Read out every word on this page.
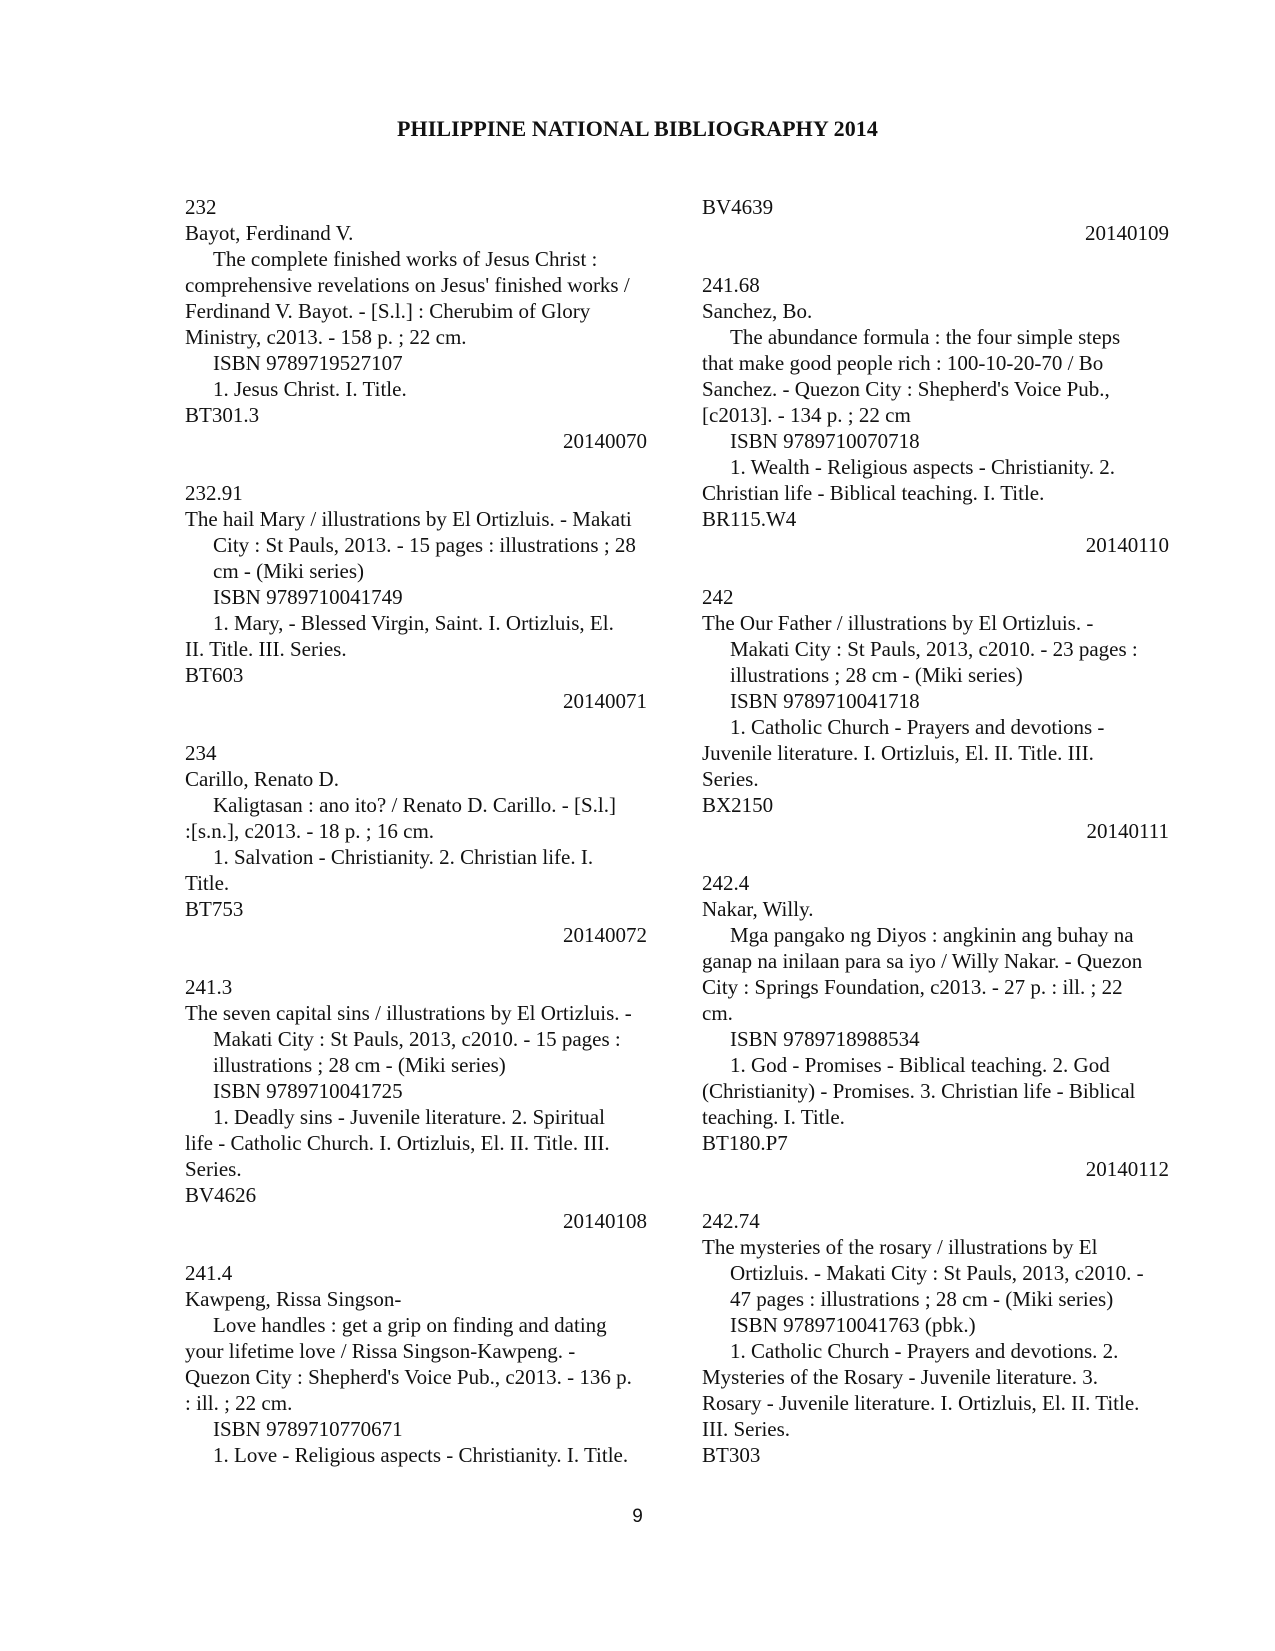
PHILIPPINE NATIONAL BIBLIOGRAPHY 2014
232
Bayot, Ferdinand V.
The complete finished works of Jesus Christ :
comprehensive revelations on Jesus' finished works /
Ferdinand V. Bayot. - [S.l.] : Cherubim of Glory
Ministry, c2013. - 158 p. ; 22 cm.
ISBN 9789719527107
1. Jesus Christ. I. Title.
BT301.3
20140070
232.91
The hail Mary / illustrations by El Ortizluis. - Makati
City : St Pauls, 2013. - 15 pages : illustrations ; 28
cm - (Miki series)
ISBN 9789710041749
1. Mary, - Blessed Virgin, Saint. I. Ortizluis, El.
II. Title. III. Series.
BT603
20140071
234
Carillo, Renato D.
Kaligtasan : ano ito? / Renato D. Carillo. - [S.l.]
:[s.n.], c2013. - 18 p. ; 16 cm.
1. Salvation - Christianity. 2. Christian life. I.
Title.
BT753
20140072
241.3
The seven capital sins / illustrations by El Ortizluis. -
Makati City : St Pauls, 2013, c2010. - 15 pages :
illustrations ; 28 cm - (Miki series)
ISBN 9789710041725
1. Deadly sins - Juvenile literature. 2. Spiritual
life - Catholic Church. I. Ortizluis, El. II. Title. III.
Series.
BV4626
20140108
241.4
Kawpeng, Rissa Singson-
Love handles : get a grip on finding and dating
your lifetime love / Rissa Singson-Kawpeng. -
Quezon City : Shepherd's Voice Pub., c2013. - 136 p.
: ill. ; 22 cm.
ISBN 9789710770671
1. Love - Religious aspects - Christianity. I. Title.
BV4639
20140109
241.68
Sanchez, Bo.
The abundance formula : the four simple steps
that make good people rich : 100-10-20-70 / Bo
Sanchez. - Quezon City : Shepherd's Voice Pub.,
[c2013]. - 134 p. ; 22 cm
ISBN 9789710070718
1. Wealth - Religious aspects - Christianity. 2.
Christian life - Biblical teaching. I. Title.
BR115.W4
20140110
242
The Our Father / illustrations by El Ortizluis. -
Makati City : St Pauls, 2013, c2010. - 23 pages :
illustrations ; 28 cm - (Miki series)
ISBN 9789710041718
1. Catholic Church - Prayers and devotions -
Juvenile literature. I. Ortizluis, El. II. Title. III.
Series.
BX2150
20140111
242.4
Nakar, Willy.
Mga pangako ng Diyos : angkinin ang buhay na
ganap na inilaan para sa iyo / Willy Nakar. - Quezon
City : Springs Foundation, c2013. - 27 p. : ill. ; 22
cm.
ISBN 9789718988534
1. God - Promises - Biblical teaching. 2. God
(Christianity) - Promises. 3. Christian life - Biblical
teaching. I. Title.
BT180.P7
20140112
242.74
The mysteries of the rosary / illustrations by El
Ortizluis. - Makati City : St Pauls, 2013, c2010. -
47 pages : illustrations ; 28 cm - (Miki series)
ISBN 9789710041763 (pbk.)
1. Catholic Church - Prayers and devotions. 2.
Mysteries of the Rosary - Juvenile literature. 3.
Rosary - Juvenile literature. I. Ortizluis, El. II. Title.
III. Series.
BT303
9
